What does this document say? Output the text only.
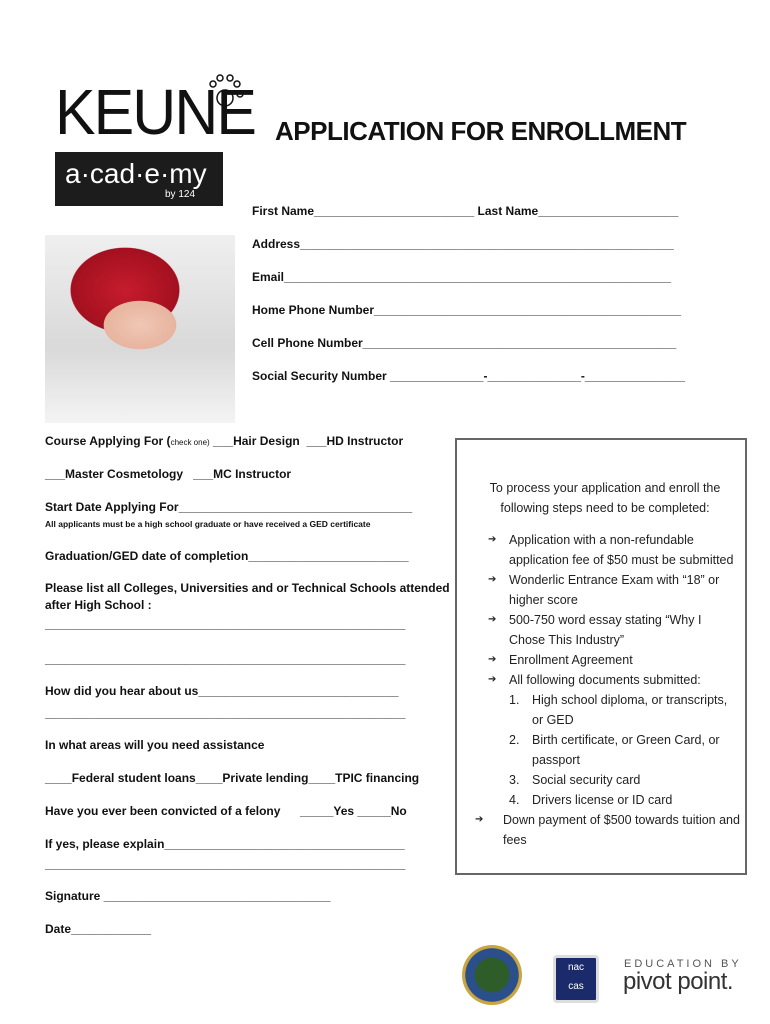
KEUNE
a·cad·e·my
by 124
APPLICATION FOR ENROLLMENT
First Name________________________ Last Name_____________________
Address________________________________________________________
Email__________________________________________________________
Home Phone Number______________________________________________
Cell Phone Number_______________________________________________
Social Security Number ______________-______________-_______________
Course Applying For (check one) ___Hair Design ___HD Instructor
___Master Cosmetology ___MC Instructor
Start Date Applying For___________________________________
All applicants must be a high school graduate or have received a GED certificate
Graduation/GED date of completion________________________
Please list all Colleges, Universities and or Technical Schools attended
after High School :
______________________________________________________
______________________________________________________
How did you hear about us______________________________
______________________________________________________
In what areas will you need assistance
____Federal student loans____Private lending____TPIC financing
Have you ever been convicted of a felony _____Yes _____No
If yes, please explain____________________________________
______________________________________________________
Signature __________________________________
Date____________
To process your application and enroll the following steps need to be completed:
➔ Application with a non-refundable application fee of $50 must be submitted
➔ Wonderlic Entrance Exam with “18” or higher score
➔ 500-750 word essay stating “Why I Chose This Industry”
➔ Enrollment Agreement
➔ All following documents submitted:
1. High school diploma, or transcripts, or GED
2. Birth certificate, or Green Card, or passport
3. Social security card
4. Drivers license or ID card
➔ Down payment of $500 towards tuition and fees
nac
cas
EDUCATION BY
pivot point.
